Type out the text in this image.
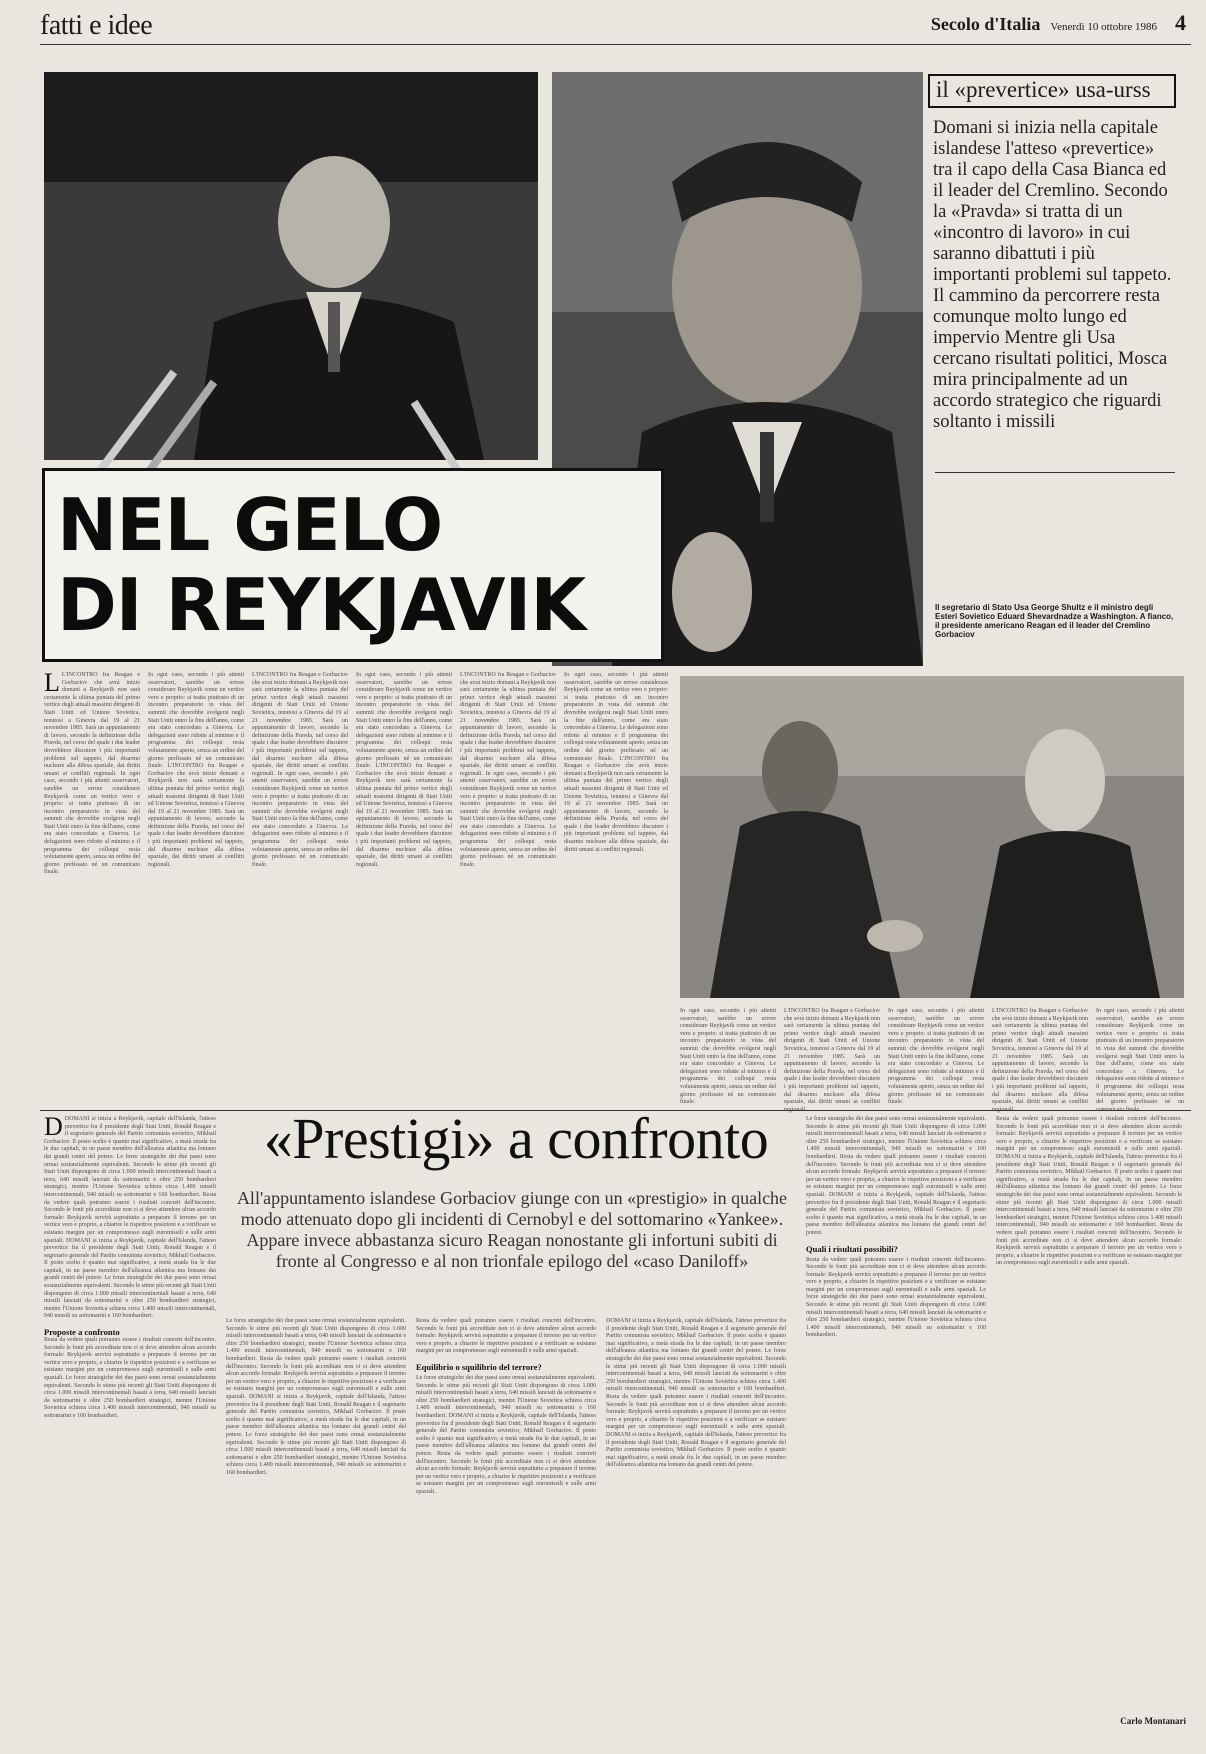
fatti e idee	Secolo d'Italia Venerdì 10 ottobre 1986 4
NEL GELO
DI REYKJAVIK
il «prevertice» usa-urss
Domani si inizia nella capitale islandese l'atteso «prevertice» tra il capo della Casa Bianca ed il leader del Cremlino. Secondo la «Pravda» si tratta di un «incontro di lavoro» in cui saranno dibattuti i più importanti problemi sul tappeto. Il cammino da percorrere resta comunque molto lungo ed impervio Mentre gli Usa cercano risultati politici, Mosca mira principalmente ad un accordo strategico che riguardi soltanto i missili
Il segretario di Stato Usa George Shultz e il ministro degli Esteri Sovietico Eduard Shevardnadze a Washington. A fianco, il presidente americano Reagan ed il leader del Cremlino Gorbaciov
L L'INCONTRO fra Reagan e Gorbaciov che avrà inizio domani a Reykjavik non sarà certamente la ultima puntata del primo vertice degli attuali massimi dirigenti di Stati Uniti ed Unione Sovietica, tenutosi a Ginevra dal 19 al 21 novembre 1985. Sarà un appuntamento di lavoro, secondo la definizione della Pravda, nel corso del quale i due leader dovrebbero discutere i più importanti problemi sul tappeto, dal disarmo nucleare alla difesa spaziale, dai diritti umani ai conflitti regionali. In ogni caso, secondo i più attenti osservatori, sarebbe un errore considerare Reykjavik come un vertice vero e proprio: si tratta piuttosto di un incontro preparatorio in vista del summit che dovrebbe svolgersi negli Stati Uniti entro la fine dell'anno, come era stato concordato a Ginevra. Le delegazioni sono ridotte al minimo e il programma dei colloqui resta volutamente aperto, senza un ordine del giorno prefissato né un comunicato finale.
In ogni caso, secondo i più attenti osservatori, sarebbe un errore considerare Reykjavik come un vertice vero e proprio: si tratta piuttosto di un incontro preparatorio in vista del summit che dovrebbe svolgersi negli Stati Uniti entro la fine dell'anno, come era stato concordato a Ginevra. Le delegazioni sono ridotte al minimo e il programma dei colloqui resta volutamente aperto, senza un ordine del giorno prefissato né un comunicato finale. L'INCONTRO fra Reagan e Gorbaciov che avrà inizio domani a Reykjavik non sarà certamente la ultima puntata del primo vertice degli attuali massimi dirigenti di Stati Uniti ed Unione Sovietica, tenutosi a Ginevra dal 19 al 21 novembre 1985. Sarà un appuntamento di lavoro, secondo la definizione della Pravda, nel corso del quale i due leader dovrebbero discutere i più importanti problemi sul tappeto, dal disarmo nucleare alla difesa spaziale, dai diritti umani ai conflitti regionali.
L'INCONTRO fra Reagan e Gorbaciov che avrà inizio domani a Reykjavik non sarà certamente la ultima puntata del primo vertice degli attuali massimi dirigenti di Stati Uniti ed Unione Sovietica, tenutosi a Ginevra dal 19 al 21 novembre 1985. Sarà un appuntamento di lavoro, secondo la definizione della Pravda, nel corso del quale i due leader dovrebbero discutere i più importanti problemi sul tappeto, dal disarmo nucleare alla difesa spaziale, dai diritti umani ai conflitti regionali. In ogni caso, secondo i più attenti osservatori, sarebbe un errore considerare Reykjavik come un vertice vero e proprio: si tratta piuttosto di un incontro preparatorio in vista del summit che dovrebbe svolgersi negli Stati Uniti entro la fine dell'anno, come era stato concordato a Ginevra. Le delegazioni sono ridotte al minimo e il programma dei colloqui resta volutamente aperto, senza un ordine del giorno prefissato né un comunicato finale.
In ogni caso, secondo i più attenti osservatori, sarebbe un errore considerare Reykjavik come un vertice vero e proprio: si tratta piuttosto di un incontro preparatorio in vista del summit che dovrebbe svolgersi negli Stati Uniti entro la fine dell'anno, come era stato concordato a Ginevra. Le delegazioni sono ridotte al minimo e il programma dei colloqui resta volutamente aperto, senza un ordine del giorno prefissato né un comunicato finale. L'INCONTRO fra Reagan e Gorbaciov che avrà inizio domani a Reykjavik non sarà certamente la ultima puntata del primo vertice degli attuali massimi dirigenti di Stati Uniti ed Unione Sovietica, tenutosi a Ginevra dal 19 al 21 novembre 1985. Sarà un appuntamento di lavoro, secondo la definizione della Pravda, nel corso del quale i due leader dovrebbero discutere i più importanti problemi sul tappeto, dal disarmo nucleare alla difesa spaziale, dai diritti umani ai conflitti regionali.
L'INCONTRO fra Reagan e Gorbaciov che avrà inizio domani a Reykjavik non sarà certamente la ultima puntata del primo vertice degli attuali massimi dirigenti di Stati Uniti ed Unione Sovietica, tenutosi a Ginevra dal 19 al 21 novembre 1985. Sarà un appuntamento di lavoro, secondo la definizione della Pravda, nel corso del quale i due leader dovrebbero discutere i più importanti problemi sul tappeto, dal disarmo nucleare alla difesa spaziale, dai diritti umani ai conflitti regionali. In ogni caso, secondo i più attenti osservatori, sarebbe un errore considerare Reykjavik come un vertice vero e proprio: si tratta piuttosto di un incontro preparatorio in vista del summit che dovrebbe svolgersi negli Stati Uniti entro la fine dell'anno, come era stato concordato a Ginevra. Le delegazioni sono ridotte al minimo e il programma dei colloqui resta volutamente aperto, senza un ordine del giorno prefissato né un comunicato finale.
In ogni caso, secondo i più attenti osservatori, sarebbe un errore considerare Reykjavik come un vertice vero e proprio: si tratta piuttosto di un incontro preparatorio in vista del summit che dovrebbe svolgersi negli Stati Uniti entro la fine dell'anno, come era stato concordato a Ginevra. Le delegazioni sono ridotte al minimo e il programma dei colloqui resta volutamente aperto, senza un ordine del giorno prefissato né un comunicato finale. L'INCONTRO fra Reagan e Gorbaciov che avrà inizio domani a Reykjavik non sarà certamente la ultima puntata del primo vertice degli attuali massimi dirigenti di Stati Uniti ed Unione Sovietica, tenutosi a Ginevra dal 19 al 21 novembre 1985. Sarà un appuntamento di lavoro, secondo la definizione della Pravda, nel corso del quale i due leader dovrebbero discutere i più importanti problemi sul tappeto, dal disarmo nucleare alla difesa spaziale, dai diritti umani ai conflitti regionali.
In ogni caso, secondo i più attenti osservatori, sarebbe un errore considerare Reykjavik come un vertice vero e proprio: si tratta piuttosto di un incontro preparatorio in vista del summit che dovrebbe svolgersi negli Stati Uniti entro la fine dell'anno, come era stato concordato a Ginevra. Le delegazioni sono ridotte al minimo e il programma dei colloqui resta volutamente aperto, senza un ordine del giorno prefissato né un comunicato finale.
L'INCONTRO fra Reagan e Gorbaciov che avrà inizio domani a Reykjavik non sarà certamente la ultima puntata del primo vertice degli attuali massimi dirigenti di Stati Uniti ed Unione Sovietica, tenutosi a Ginevra dal 19 al 21 novembre 1985. Sarà un appuntamento di lavoro, secondo la definizione della Pravda, nel corso del quale i due leader dovrebbero discutere i più importanti problemi sul tappeto, dal disarmo nucleare alla difesa spaziale, dai diritti umani ai conflitti
In ogni caso, secondo i più attenti osservatori, sarebbe un errore considerare Reykjavik come un vertice vero e proprio: si tratta piuttosto di un incontro preparatorio in vista del summit che dovrebbe svolgersi negli Stati Uniti entro la fine dell'anno, come era stato concordato a Ginevra. Le delegazioni sono ridotte al minimo e il programma dei colloqui resta volutamente aperto, senza un ordine del giorno prefissato né un comunicato finale.
L'INCONTRO fra Reagan e Gorbaciov che avrà inizio domani a Reykjavik non sarà certamente la ultima puntata del primo vertice degli attuali massimi dirigenti di Stati Uniti ed Unione Sovietica, tenutosi a Ginevra dal 19 al 21 novembre 1985. Sarà un appuntamento di lavoro, secondo la definizione della Pravda, nel corso del quale i due leader dovrebbero discutere i più importanti problemi sul tappeto, dal disarmo nucleare alla difesa spaziale, dai diritti umani ai conflitti
In ogni caso, secondo i più attenti osservatori, sarebbe un errore considerare Reykjavik come un vertice vero e proprio: si tratta piuttosto di un incontro preparatorio in vista del summit che dovrebbe svolgersi negli Stati Uniti entro la fine dell'anno, come era stato concordato a Ginevra. Le delegazioni sono ridotte al minimo e il programma dei colloqui resta volutamente aperto, senza un ordine del giorno prefissato né un
«Prestigi» a confronto
All'appuntamento islandese Gorbaciov giunge con un «prestigio» in qualche modo attenuato dopo gli incidenti di Cernobyl e del sottomarino «Yankee». Appare invece abbastanza sicuro Reagan nonostante gli infortuni subiti di fronte al Congresso e al non trionfale epilogo del «caso Daniloff»
DDOMANI si inizia a Reykjavik, capitale dell'Islanda, l'atteso prevertice fra il presidente degli Stati Uniti, Ronald Reagan e il segretario generale del Partito comunista sovietico, Mikhail Gorbaciov. Il posto scelto è quanto mai significativo, a metà strada fra le due capitali, in un paese membro dell'alleanza atlantica ma lontano dai grandi centri del potere. Le forze strategiche dei due paesi sono ormai sostanzialmente equivalenti. Secondo le stime più recenti gli Stati Uniti dispongono di circa 1.000 missili intercontinentali basati a terra, 640 missili lanciati da sottomarini e oltre 250 bombardieri strategici, mentre l'Unione Sovietica schiera circa 1.400 missili intercontinentali, 940 missili su sottomarini e 160 bombardieri. Resta da vedere quali potranno essere i risultati concreti dell'incontro. Secondo le fonti più accreditate non ci si deve attendere alcun accordo formale: Reykjavik servirà soprattutto a preparare il terreno per un vertice vero e proprio, a chiarire le rispettive posizioni e a verificare se esistano margini per un compromesso sugli euromissili e sulle armi spaziali. DOMANI si inizia a Reykjavik, capitale dell'Islanda, l'atteso prevertice fra il presidente degli Stati Uniti, Ronald Reagan e il segretario generale del Partito comunista sovietico, Mikhail Gorbaciov. Il posto scelto è quanto mai significativo, a metà strada fra le due capitali, in un paese membro dell'alleanza atlantica ma lontano dai grandi centri del potere. Le forze strategiche dei due paesi sono ormai sostanzialmente equivalenti. Secondo le stime più recenti gli Stati Uniti dispongono di circa 1.000 missili intercontinentali basati a terra, 640 missili lanciati da sottomarini e oltre 250 bombardieri strategici, mentre l'Unione Sovietica schiera circa 1.400 missili intercontinentali, 940 missili su sottomarini e 160 bombardieri.
Proposte a confronto
Resta da vedere quali potranno essere i risultati concreti dell'incontro. Secondo le fonti più accreditate non ci si deve attendere alcun accordo formale: Reykjavik servirà soprattutto a preparare il terreno per un vertice vero e proprio, a chiarire le rispettive posizioni e a verificare se esistano margini per un compromesso sugli euromissili e sulle armi spaziali. Le forze strategiche dei due paesi sono ormai sostanzialmente equivalenti. Secondo le stime più recenti gli Stati Uniti dispongono di circa 1.000 missili intercontinentali basati a terra, 640 missili lanciati da sottomarini e oltre 250 bombardieri strategici, mentre l'Unione Sovietica schiera circa 1.400 missili intercontinentali, 940 missili su sottomarini e 160 bombardieri.
Le forze strategiche dei due paesi sono ormai sostanzialmente equivalenti. Secondo le stime più recenti gli Stati Uniti dispongono di circa 1.000 missili intercontinentali basati a terra, 640 missili lanciati da sottomarini e oltre 250 bombardieri strategici, mentre l'Unione Sovietica schiera circa 1.400 missili intercontinentali, 940 missili su sottomarini e 160 bombardieri. Resta da vedere quali potranno essere i risultati concreti dell'incontro. Secondo le fonti più accreditate non ci si deve attendere alcun accordo formale: Reykjavik servirà soprattutto a preparare il terreno per un vertice vero e proprio, a chiarire le rispettive posizioni e a verificare se esistano margini per un compromesso sugli euromissili e sulle armi spaziali. DOMANI si inizia a Reykjavik, capitale dell'Islanda, l'atteso prevertice fra il presidente degli Stati Uniti, Ronald Reagan e il segretario generale del Partito comunista sovietico, Mikhail Gorbaciov. Il posto scelto è quanto mai significativo, a metà strada fra le due capitali, in un paese membro dell'alleanza atlantica ma lontano dai grandi centri del potere. Le forze strategiche dei due paesi sono ormai sostanzialmente equivalenti. Secondo le stime più recenti gli Stati Uniti dispongono di circa 1.000 missili intercontinentali basati a terra, 640 missili lanciati da sottomarini e oltre 250 bombardieri strategici, mentre l'Unione Sovietica schiera circa 1.400 missili intercontinentali, 940 missili su sottomarini e 160 bombardieri.
Resta da vedere quali potranno essere i risultati concreti dell'incontro. Secondo le fonti più accreditate non ci si deve attendere alcun accordo formale: Reykjavik servirà soprattutto a preparare il terreno per un vertice vero e proprio, a chiarire le rispettive posizioni e a verificare se esistano margini per un compromesso sugli euromissili e sulle armi spaziali.
Equilibrio o squilibrio del terrore?
Le forze strategiche dei due paesi sono ormai sostanzialmente equivalenti. Secondo le stime più recenti gli Stati Uniti dispongono di circa 1.000 missili intercontinentali basati a terra, 640 missili lanciati da sottomarini e oltre 250 bombardieri strategici, mentre l'Unione Sovietica schiera circa 1.400 missili intercontinentali, 940 missili su sottomarini e 160 bombardieri. DOMANI si inizia a Reykjavik, capitale dell'Islanda, l'atteso prevertice fra il presidente degli Stati Uniti, Ronald Reagan e il segretario generale del Partito comunista sovietico, Mikhail Gorbaciov. Il posto scelto è quanto mai significativo, a metà strada fra le due capitali, in un paese membro dell'alleanza atlantica ma lontano dai grandi centri del potere. Resta da vedere quali potranno essere i risultati concreti dell'incontro. Secondo le fonti più accreditate non ci si deve attendere alcun accordo formale: Reykjavik servirà soprattutto a preparare il terreno per un vertice vero e proprio, a chiarire le rispettive posizioni e a verificare se esistano margini per un compromesso sugli euromissili e sulle armi spaziali.
DOMANI si inizia a Reykjavik, capitale dell'Islanda, l'atteso prevertice fra il presidente degli Stati Uniti, Ronald Reagan e il segretario generale del Partito comunista sovietico, Mikhail Gorbaciov. Il posto scelto è quanto mai significativo, a metà strada fra le due capitali, in un paese membro dell'alleanza atlantica ma lontano dai grandi centri del potere. Le forze strategiche dei due paesi sono ormai sostanzialmente equivalenti. Secondo le stime più recenti gli Stati Uniti dispongono di circa 1.000 missili intercontinentali basati a terra, 640 missili lanciati da sottomarini e oltre 250 bombardieri strategici, mentre l'Unione Sovietica schiera circa 1.400 missili intercontinentali, 940 missili su sottomarini e 160 bombardieri. Resta da vedere quali potranno essere i risultati concreti dell'incontro. Secondo le fonti più accreditate non ci si deve attendere alcun accordo formale: Reykjavik servirà soprattutto a preparare il terreno per un vertice vero e proprio, a chiarire le rispettive posizioni e a verificare se esistano margini per un compromesso sugli euromissili e sulle armi spaziali. DOMANI si inizia a Reykjavik, capitale dell'Islanda, l'atteso prevertice fra il presidente degli Stati Uniti, Ronald Reagan e il segretario generale del Partito comunista sovietico, Mikhail Gorbaciov. Il posto scelto è quanto mai significativo, a metà strada fra le due capitali, in un paese membro dell'alleanza atlantica ma lontano dai grandi centri del potere.
Le forze strategiche dei due paesi sono ormai sostanzialmente equivalenti. Secondo le stime più recenti gli Stati Uniti dispongono di circa 1.000 missili intercontinentali basati a terra, 640 missili lanciati da sottomarini e oltre 250 bombardieri strategici, mentre l'Unione Sovietica schiera circa 1.400 missili intercontinentali, 940 missili su sottomarini e 160 bombardieri. Resta da vedere quali potranno essere i risultati concreti dell'incontro. Secondo le fonti più accreditate non ci si deve attendere alcun accordo formale: Reykjavik servirà soprattutto a preparare il terreno per un vertice vero e proprio, a chiarire le rispettive posizioni e a verificare se esistano margini per un compromesso sugli euromissili e sulle armi spaziali. DOMANI si inizia a Reykjavik, capitale dell'Islanda, l'atteso prevertice fra il presidente degli Stati Uniti, Ronald Reagan e il segretario generale del Partito comunista sovietico, Mikhail Gorbaciov. Il posto scelto è quanto mai significativo, a metà strada fra le due capitali, in un paese membro dell'alleanza atlantica ma lontano dai grandi centri del potere.
Quali i risultati possibili?
Resta da vedere quali potranno essere i risultati concreti dell'incontro. Secondo le fonti più accreditate non ci si deve attendere alcun accordo formale: Reykjavik servirà soprattutto a preparare il terreno per un vertice vero e proprio, a chiarire le rispettive posizioni e a verificare se esistano margini per un compromesso sugli euromissili e sulle armi spaziali. Le forze strategiche dei due paesi sono ormai sostanzialmente equivalenti. Secondo le stime più recenti gli Stati Uniti dispongono di circa 1.000 missili intercontinentali basati a terra, 640 missili lanciati da sottomarini e oltre 250 bombardieri strategici, mentre l'Unione Sovietica schiera circa 1.400 missili intercontinentali, 940 missili su sottomarini e 160 bombardieri.
Resta da vedere quali potranno essere i risultati concreti dell'incontro. Secondo le fonti più accreditate non ci si deve attendere alcun accordo formale: Reykjavik servirà soprattutto a preparare il terreno per un vertice vero e proprio, a chiarire le rispettive posizioni e a verificare se esistano margini per un compromesso sugli euromissili e sulle armi spaziali. DOMANI si inizia a Reykjavik, capitale dell'Islanda, l'atteso prevertice fra il presidente degli Stati Uniti, Ronald Reagan e il segretario generale del Partito comunista sovietico, Mikhail Gorbaciov. Il posto scelto è quanto mai significativo, a metà strada fra le due capitali, in un paese membro dell'alleanza atlantica ma lontano dai grandi centri del potere. Le forze strategiche dei due paesi sono ormai sostanzialmente equivalenti. Secondo le stime più recenti gli Stati Uniti dispongono di circa 1.000 missili intercontinentali basati a terra, 640 missili lanciati da sottomarini e oltre 250 bombardieri strategici, mentre l'Unione Sovietica schiera circa 1.400 missili intercontinentali, 940 missili su sottomarini e 160 bombardieri. Resta da vedere quali potranno essere i risultati concreti dell'incontro. Secondo le fonti più accreditate non ci si deve attendere alcun accordo formale: Reykjavik servirà soprattutto a preparare il terreno per un vertice vero e proprio, a chiarire le rispettive posizioni e a verificare se esistano margini per un compromesso sugli euromissili e sulle armi spaziali.
Carlo Montanari
